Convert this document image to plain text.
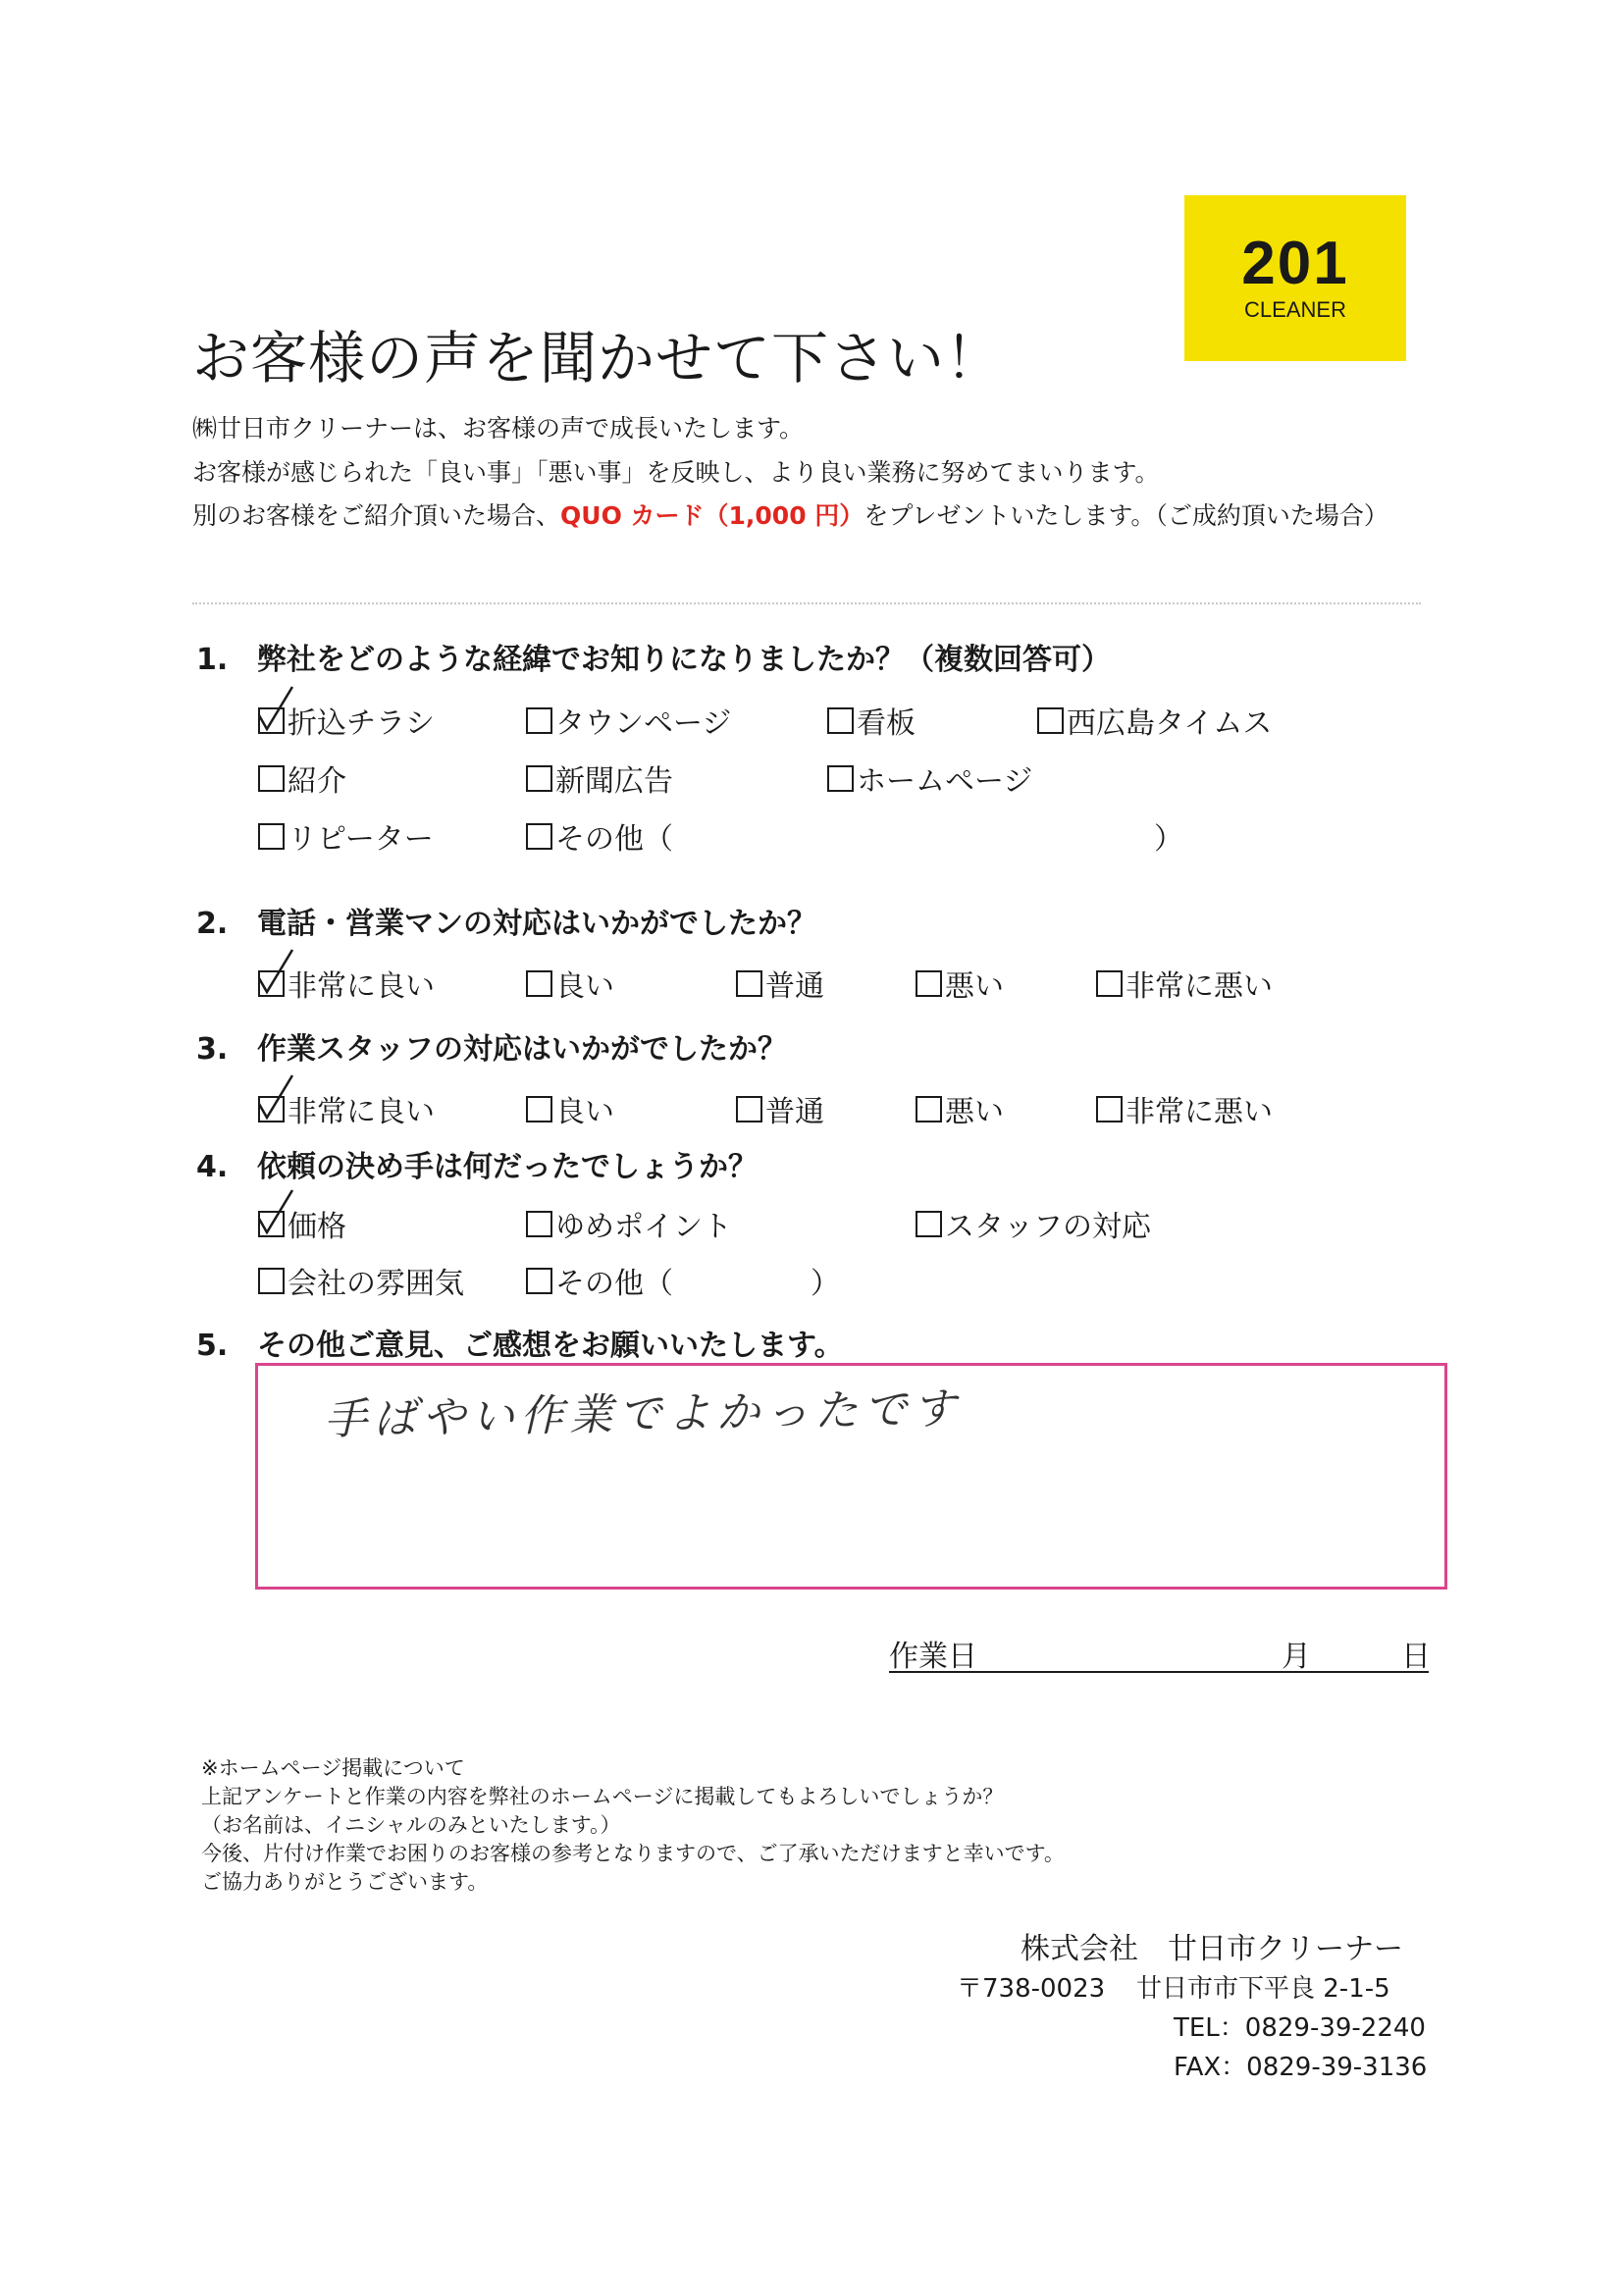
201
CLEANER
お客様の声を聞かせて下さい！
㈱廿日市クリーナーは、お客様の声で成長いたします。
お客様が感じられた「良い事」「悪い事」を反映し、より良い業務に努めてまいります。
別のお客様をご紹介頂いた場合、QUO カード（1,000 円）をプレゼントいたします。（ご成約頂いた場合）
1. 弊社をどのような経緯でお知りになりましたか？（複数回答可）
折込チラシ	タウンページ	看板	西広島タイムス
紹介	新聞広告	ホームページ
リピーター	その他（	）
2. 電話・営業マンの対応はいかがでしたか？
非常に良い	良い	普通	悪い	非常に悪い
3. 作業スタッフの対応はいかがでしたか？
非常に良い	良い	普通	悪い	非常に悪い
4. 依頼の決め手は何だったでしょうか？
価格	ゆめポイント	スタッフの対応
会社の雰囲気	その他（	）
5. その他ご意見、ご感想をお願いいたします。
手ばやい作業でよかったです
作業日	月	日
※ホームページ掲載について
上記アンケートと作業の内容を弊社のホームページに掲載してもよろしいでしょうか？
（お名前は、イニシャルのみといたします。）
今後、片付け作業でお困りのお客様の参考となりますので、ご了承いただけますと幸いです。
ご協力ありがとうございます。
株式会社 廿日市クリーナー
〒738-0023 廿日市市下平良 2-1-5
TEL：0829-39-2240
FAX：0829-39-3136
